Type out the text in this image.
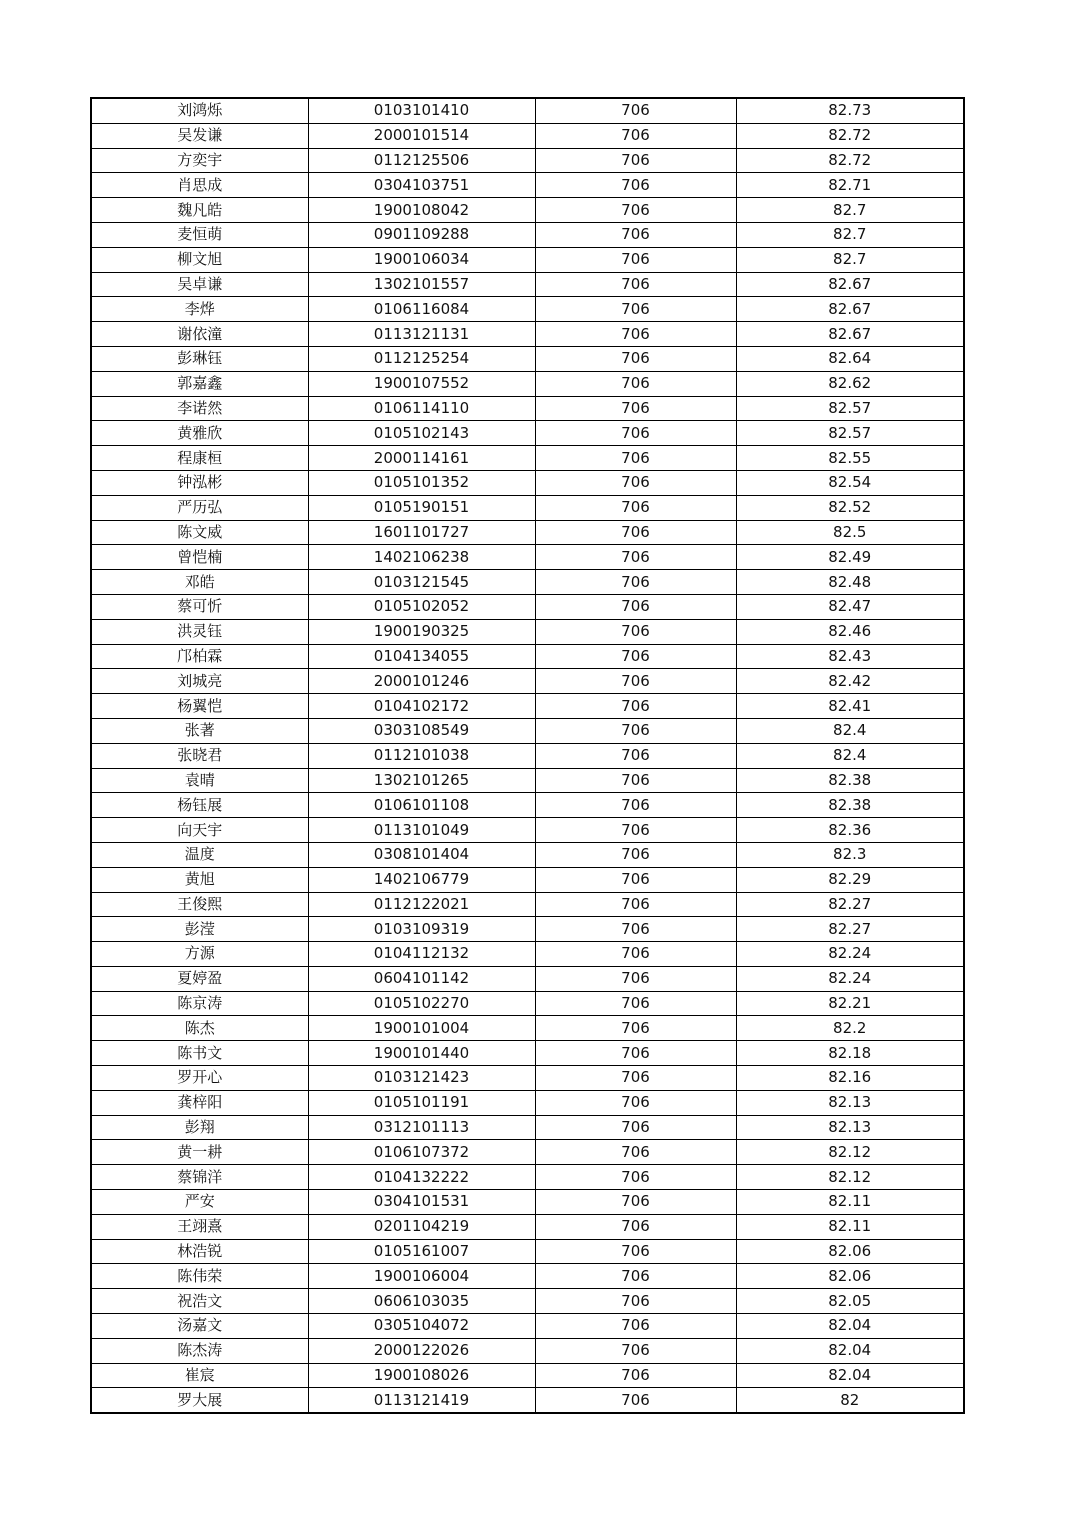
刘鸿烁	0103101410	706	82.73
吴发谦	2000101514	706	82.72
方奕宇	0112125506	706	82.72
肖思成	0304103751	706	82.71
魏凡皓	1900108042	706	82.7
麦恒萌	0901109288	706	82.7
柳文旭	1900106034	706	82.7
吴卓谦	1302101557	706	82.67
李烨	0106116084	706	82.67
谢依潼	0113121131	706	82.67
彭琳钰	0112125254	706	82.64
郭嘉鑫	1900107552	706	82.62
李诺然	0106114110	706	82.57
黄雅欣	0105102143	706	82.57
程康桓	2000114161	706	82.55
钟泓彬	0105101352	706	82.54
严历弘	0105190151	706	82.52
陈文威	1601101727	706	82.5
曾恺楠	1402106238	706	82.49
邓皓	0103121545	706	82.48
蔡可忻	0105102052	706	82.47
洪灵钰	1900190325	706	82.46
邝柏霖	0104134055	706	82.43
刘城亮	2000101246	706	82.42
杨翼恺	0104102172	706	82.41
张著	0303108549	706	82.4
张晓君	0112101038	706	82.4
袁晴	1302101265	706	82.38
杨钰展	0106101108	706	82.38
向天宇	0113101049	706	82.36
温度	0308101404	706	82.3
黄旭	1402106779	706	82.29
王俊熙	0112122021	706	82.27
彭滢	0103109319	706	82.27
方源	0104112132	706	82.24
夏婷盈	0604101142	706	82.24
陈京涛	0105102270	706	82.21
陈杰	1900101004	706	82.2
陈书文	1900101440	706	82.18
罗开心	0103121423	706	82.16
龚梓阳	0105101191	706	82.13
彭翔	0312101113	706	82.13
黄一耕	0106107372	706	82.12
蔡锦洋	0104132222	706	82.12
严安	0304101531	706	82.11
王翊熹	0201104219	706	82.11
林浩锐	0105161007	706	82.06
陈伟荣	1900106004	706	82.06
祝浩文	0606103035	706	82.05
汤嘉文	0305104072	706	82.04
陈杰涛	2000122026	706	82.04
崔宸	1900108026	706	82.04
罗大展	0113121419	706	82
